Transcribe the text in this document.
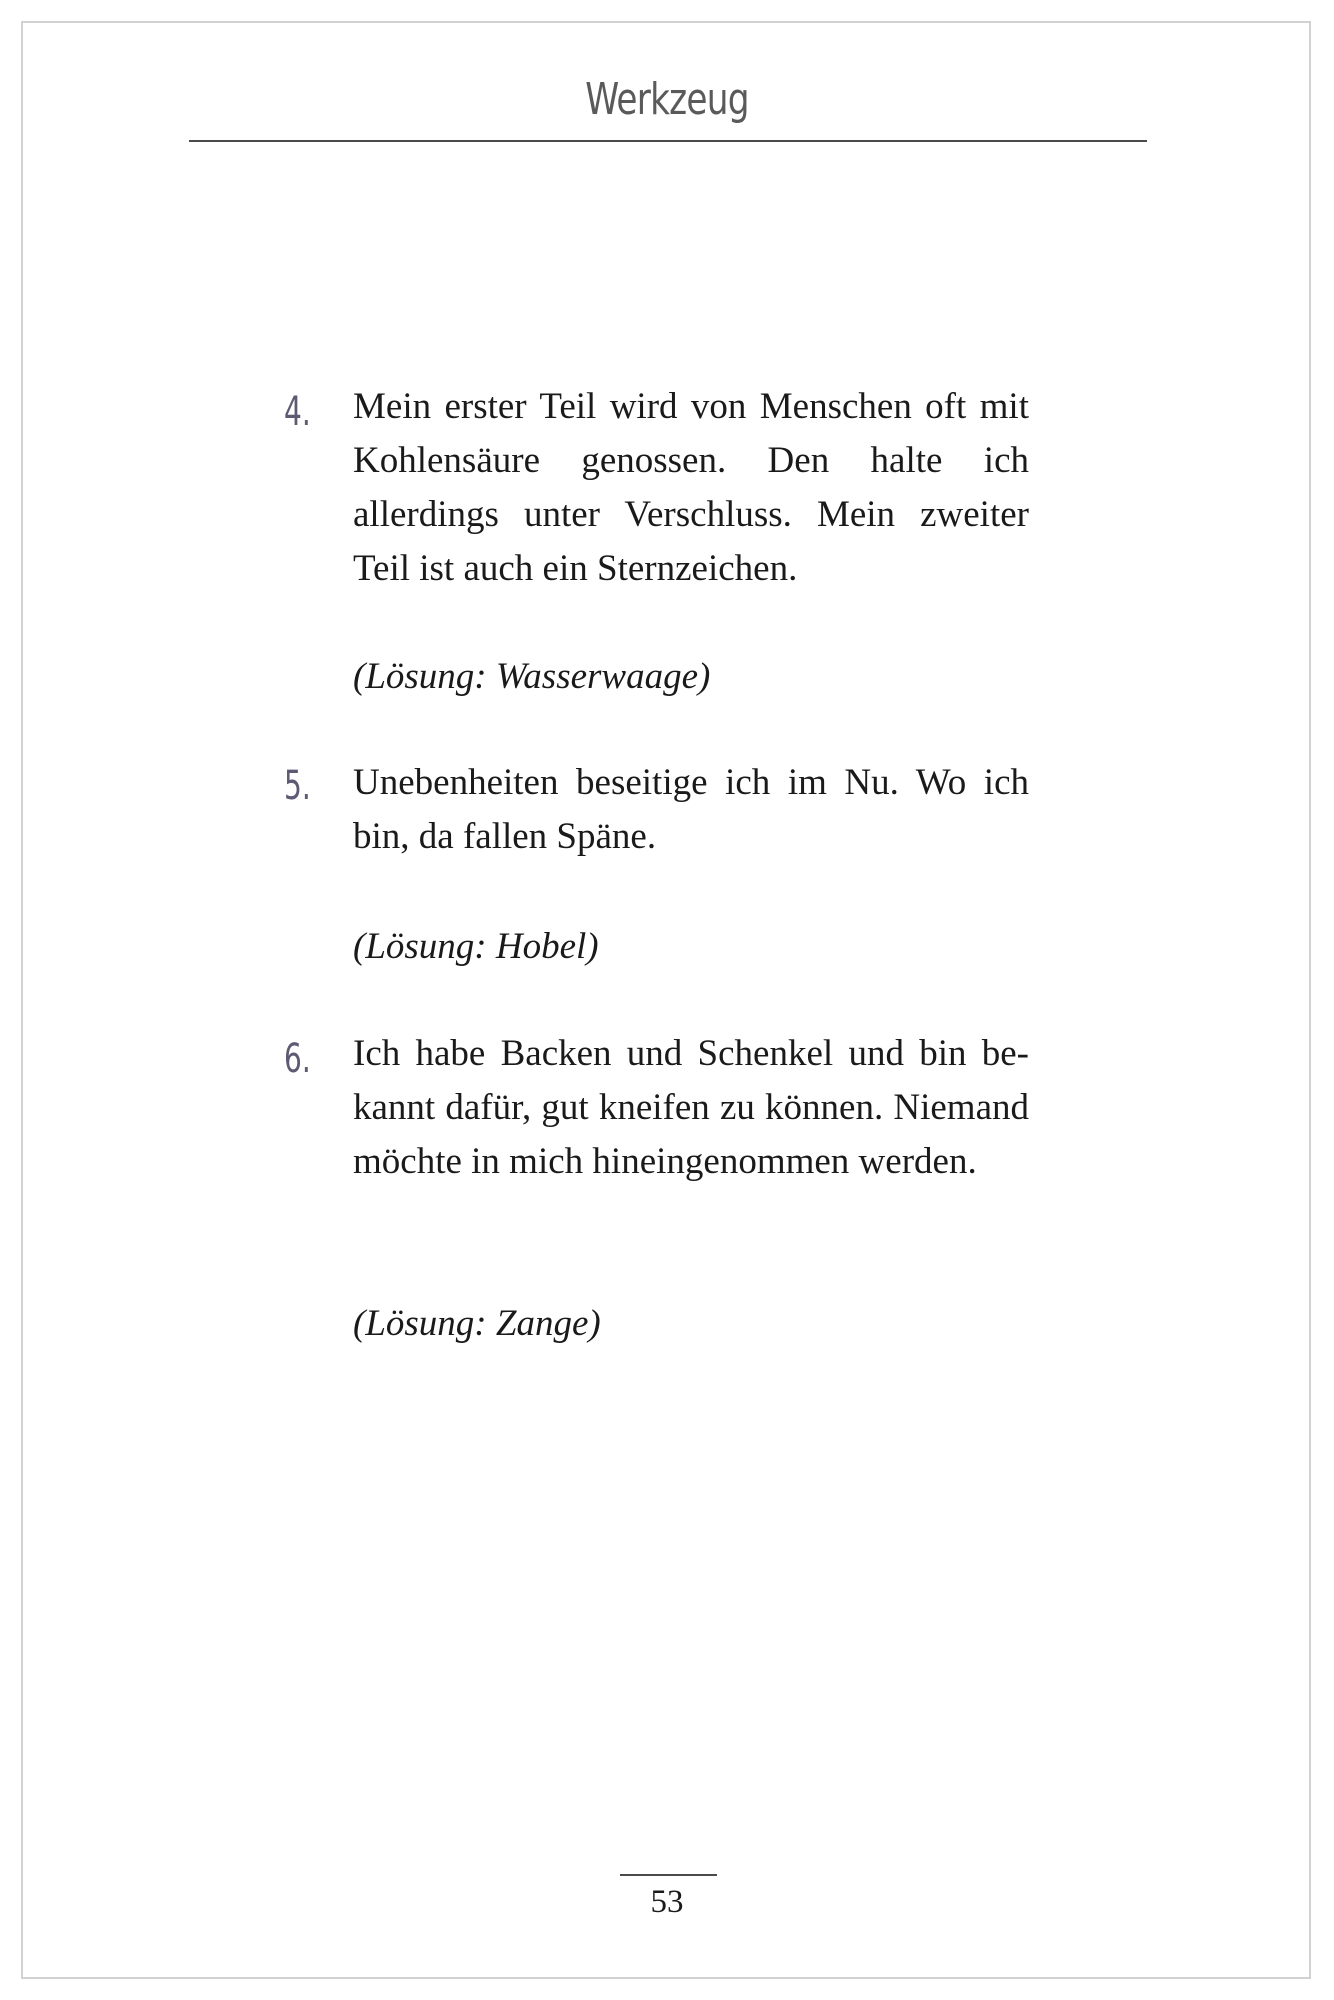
Werkzeug
4. Mein erster Teil wird von Menschen oft mit Kohlensäure genossen. Den halte ich allerdings unter Verschluss. Mein zweiter Teil ist auch ein Sternzeichen.
(Lösung: Wasserwaage)
5. Unebenheiten beseitige ich im Nu. Wo ich bin, da fallen Späne.
(Lösung: Hobel)
6. Ich habe Backen und Schenkel und bin bekannt dafür, gut kneifen zu können. Niemand möchte in mich hineingenommen werden.
(Lösung: Zange)
53
